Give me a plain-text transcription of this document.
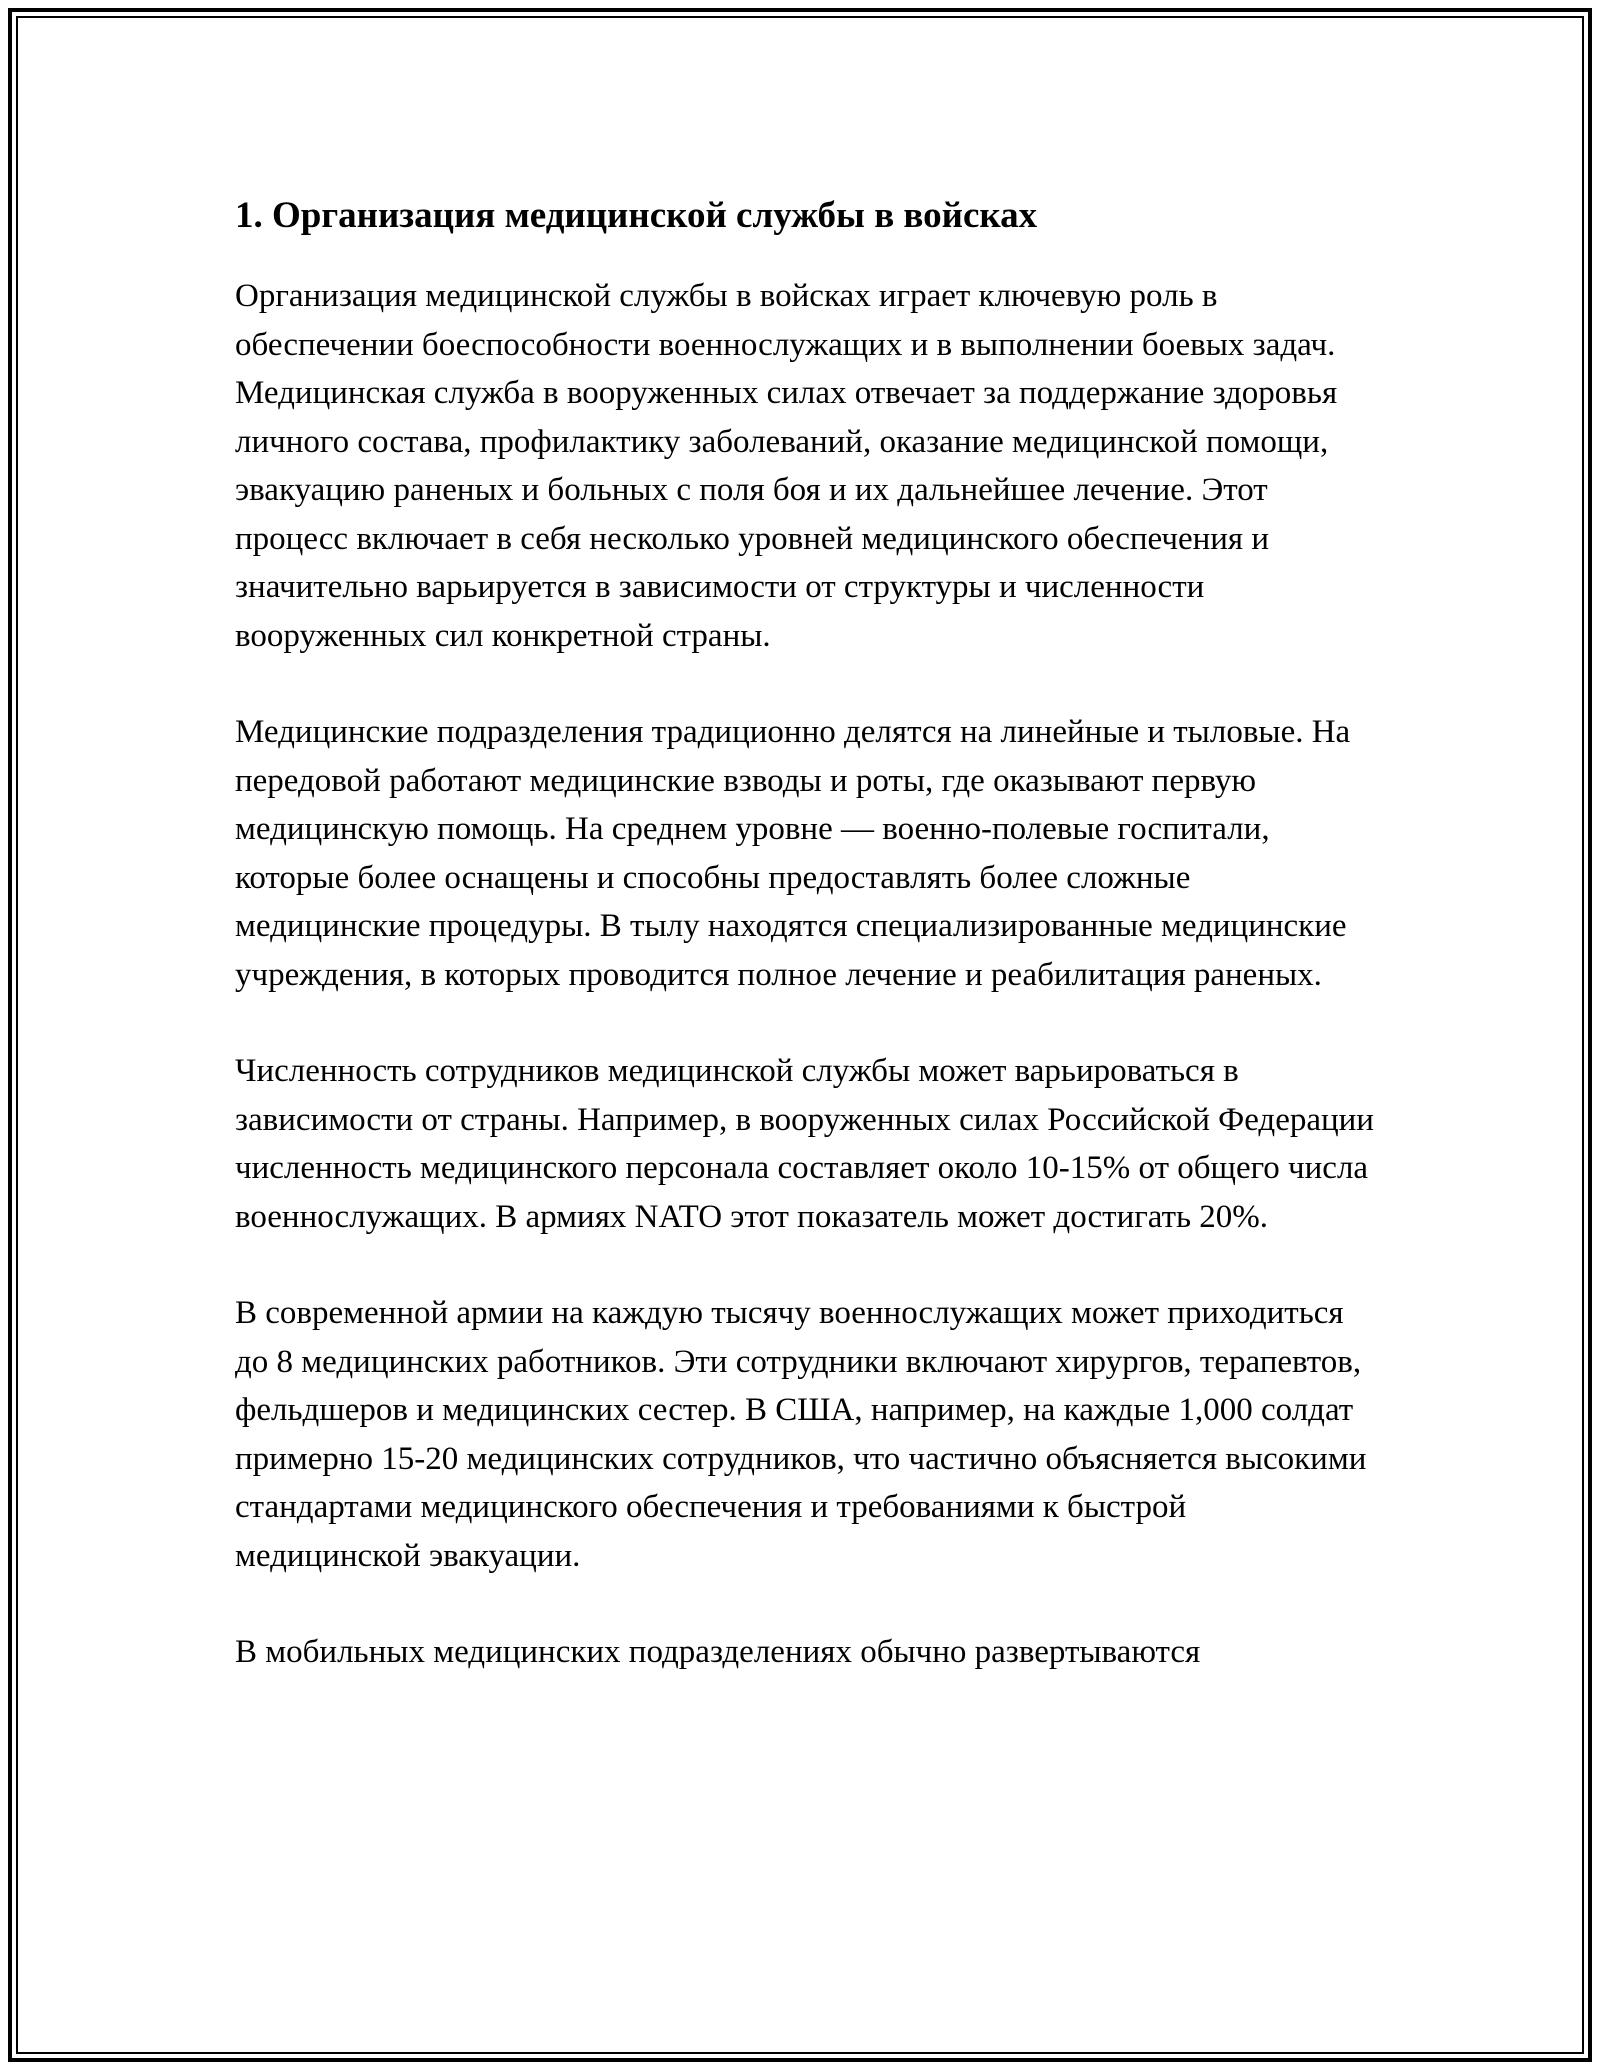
1. Организация медицинской службы в войсках

Организация медицинской службы в войсках играет ключевую роль в обеспечении боеспособности военнослужащих и в выполнении боевых задач. Медицинская служба в вооруженных силах отвечает за поддержание здоровья личного состава, профилактику заболеваний, оказание медицинской помощи, эвакуацию раненых и больных с поля боя и их дальнейшее лечение. Этот процесс включает в себя несколько уровней медицинского обеспечения и значительно варьируется в зависимости от структуры и численности вооруженных сил конкретной страны.

Медицинские подразделения традиционно делятся на линейные и тыловые. На передовой работают медицинские взводы и роты, где оказывают первую медицинскую помощь. На среднем уровне — военно-полевые госпитали, которые более оснащены и способны предоставлять более сложные медицинские процедуры. В тылу находятся специализированные медицинские учреждения, в которых проводится полное лечение и реабилитация раненых.

Численность сотрудников медицинской службы может варьироваться в зависимости от страны. Например, в вооруженных силах Российской Федерации численность медицинского персонала составляет около 10-15% от общего числа военнослужащих. В армиях NATO этот показатель может достигать 20%.

В современной армии на каждую тысячу военнослужащих может приходиться до 8 медицинских работников. Эти сотрудники включают хирургов, терапевтов, фельдшеров и медицинских сестер. В США, например, на каждые 1,000 солдат примерно 15-20 медицинских сотрудников, что частично объясняется высокими стандартами медицинского обеспечения и требованиями к быстрой медицинской эвакуации.

В мобильных медицинских подразделениях обычно развертываются
